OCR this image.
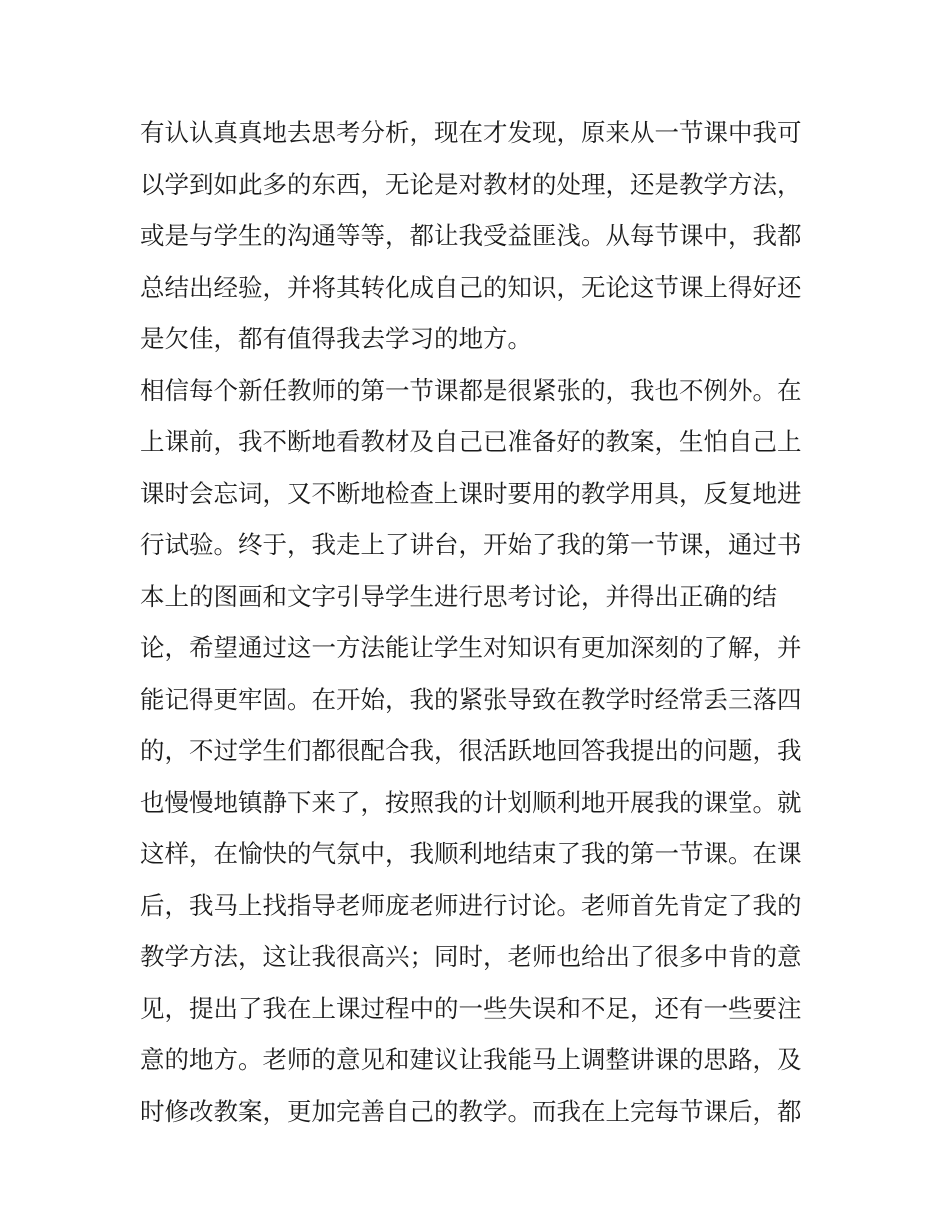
有认认真真地去思考分析，现在才发现，原来从一节课中我可
以学到如此多的东西，无论是对教材的处理，还是教学方法，
或是与学生的沟通等等，都让我受益匪浅。从每节课中，我都
总结出经验，并将其转化成自己的知识，无论这节课上得好还
是欠佳，都有值得我去学习的地方。
相信每个新任教师的第一节课都是很紧张的，我也不例外。在
上课前，我不断地看教材及自己已准备好的教案，生怕自己上
课时会忘词，又不断地检查上课时要用的教学用具，反复地进
行试验。终于，我走上了讲台，开始了我的第一节课，通过书
本上的图画和文字引导学生进行思考讨论，并得出正确的结
论，希望通过这一方法能让学生对知识有更加深刻的了解，并
能记得更牢固。在开始，我的紧张导致在教学时经常丢三落四
的，不过学生们都很配合我，很活跃地回答我提出的问题，我
也慢慢地镇静下来了，按照我的计划顺利地开展我的课堂。就
这样，在愉快的气氛中，我顺利地结束了我的第一节课。在课
后，我马上找指导老师庞老师进行讨论。老师首先肯定了我的
教学方法，这让我很高兴；同时，老师也给出了很多中肯的意
见，提出了我在上课过程中的一些失误和不足，还有一些要注
意的地方。老师的意见和建议让我能马上调整讲课的思路，及
时修改教案，更加完善自己的教学。而我在上完每节课后，都
